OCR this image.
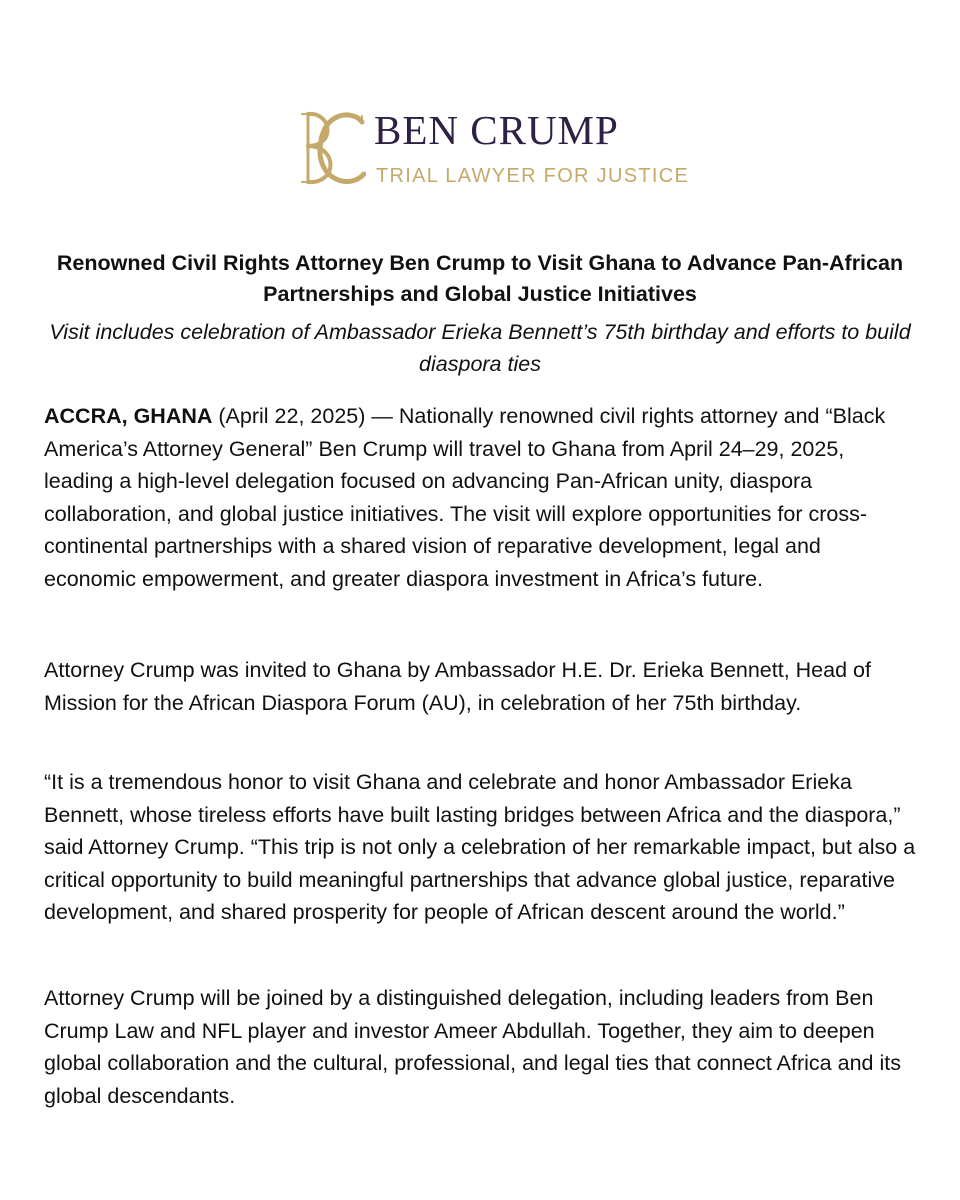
BEN CRUMP
TRIAL LAWYER FOR JUSTICE
Renowned Civil Rights Attorney Ben Crump to Visit Ghana to Advance Pan-African Partnerships and Global Justice Initiatives

Visit includes celebration of Ambassador Erieka Bennett’s 75th birthday and efforts to build diaspora ties

ACCRA, GHANA (April 22, 2025) — Nationally renowned civil rights attorney and “Black America’s Attorney General” Ben Crump will travel to Ghana from April 24–29, 2025, leading a high-level delegation focused on advancing Pan-African unity, diaspora collaboration, and global justice initiatives. The visit will explore opportunities for cross-continental partnerships with a shared vision of reparative development, legal and economic empowerment, and greater diaspora investment in Africa’s future.

Attorney Crump was invited to Ghana by Ambassador H.E. Dr. Erieka Bennett, Head of Mission for the African Diaspora Forum (AU), in celebration of her 75th birthday.

“It is a tremendous honor to visit Ghana and celebrate and honor Ambassador Erieka Bennett, whose tireless efforts have built lasting bridges between Africa and the diaspora,” said Attorney Crump. “This trip is not only a celebration of her remarkable impact, but also a critical opportunity to build meaningful partnerships that advance global justice, reparative development, and shared prosperity for people of African descent around the world.”

Attorney Crump will be joined by a distinguished delegation, including leaders from Ben Crump Law and NFL player and investor Ameer Abdullah. Together, they aim to deepen global collaboration and the cultural, professional, and legal ties that connect Africa and its global descendants.
